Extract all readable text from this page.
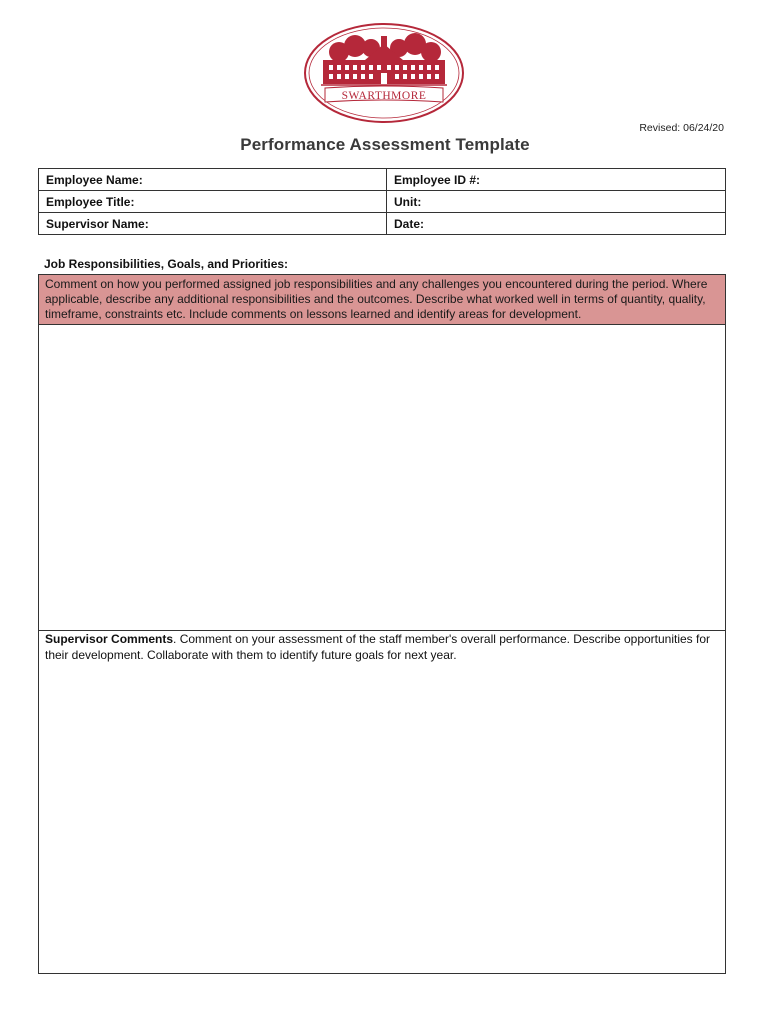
SWARTHMORE
Revised: 06/24/20
Performance Assessment Template
Employee Name:	Employee ID #:
Employee Title:	Unit:
Supervisor Name:	Date:
Job Responsibilities, Goals, and Priorities:
Comment on how you performed assigned job responsibilities and any challenges you encountered during the period. Where applicable, describe any additional responsibilities and the outcomes. Describe what worked well in terms of quantity, quality, timeframe, constraints etc. Include comments on lessons learned and identify areas for development.
Supervisor Comments. Comment on your assessment of the staff member's overall performance. Describe opportunities for their development. Collaborate with them to identify future goals for next year.
